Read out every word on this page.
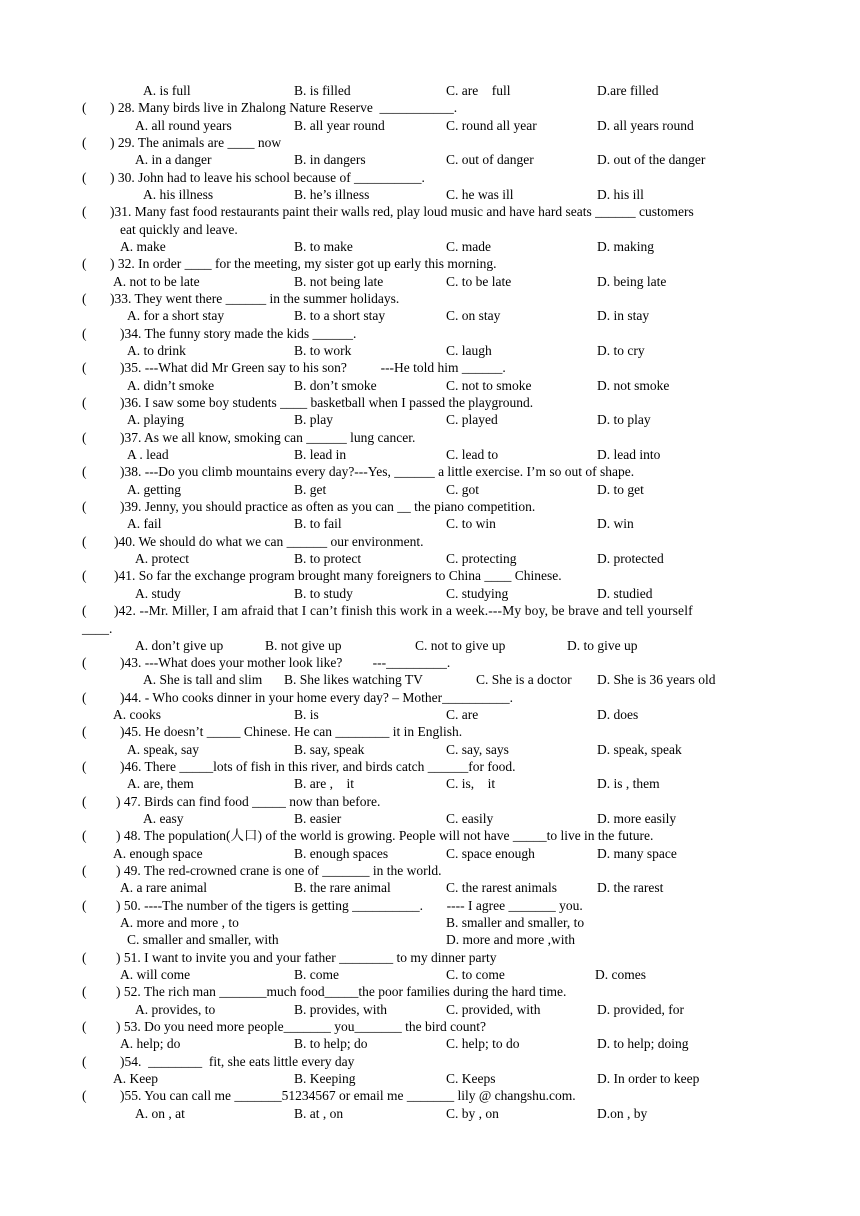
A. is full	B. is filled	C. are    full	D.are filled
( ) 28. Many birds live in Zhalong Nature Reserve  ___________.
A. all round years	B. all year round	C. round all year	D. all years round
( ) 29. The animals are ____ now
A. in a danger	B. in dangers	C. out of danger	D. out of the danger
( ) 30. John had to leave his school because of __________.
A. his illness	B. he’s illness	C. he was ill	D. his ill
( )31. Many fast food restaurants paint their walls red, play loud music and have hard seats ______ customers
eat quickly and leave.
A. make	B. to make	C. made	D. making
( ) 32. In order ____ for the meeting, my sister got up early this morning.
A. not to be late	B. not being late	C. to be late	D. being late
( )33. They went there ______ in the summer holidays.
A. for a short stay	B. to a short stay	C. on stay	D. in stay
( )34. The funny story made the kids ______.
A. to drink	B. to work	C. laugh	D. to cry
( )35. ---What did Mr Green say to his son?          ---He told him ______.
A. didn’t smoke	B. don’t smoke	C. not to smoke	D. not smoke
( )36. I saw some boy students ____ basketball when I passed the playground.
A. playing	B. play	C. played	D. to play
( )37. As we all know, smoking can ______ lung cancer.
A . lead	B. lead in	C. lead to	D. lead into
( )38. ---Do you climb mountains every day?---Yes, ______ a little exercise. I’m so out of shape.
A. getting	B. get	C. got	D. to get
( )39. Jenny, you should practice as often as you can __ the piano competition.
A. fail	B. to fail	C. to win	D. win
( )40. We should do what we can ______ our environment.
A. protect	B. to protect	C. protecting	D. protected
( )41. So far the exchange program brought many foreigners to China ____ Chinese.
A. study	B. to study	C. studying	D. studied
( )42. --Mr. Miller, I am afraid that I can’t finish this work in a week.---My boy, be brave and tell yourself
____.
A. don’t give up	B. not give up	C. not to give up	D. to give up
( )43. ---What does your mother look like?         ---_________.
A. She is tall and slim B. She likes watching TV	C. She is a doctor D. She is 36 years old
( )44. - Who cooks dinner in your home every day? – Mother__________.
A. cooks	B. is	C. are	D. does
( )45. He doesn’t _____ Chinese. He can ________ it in English.
A. speak, say	B. say, speak	C. say, says	D. speak, speak
( )46. There _____lots of fish in this river, and birds catch ______for food.
A. are, them	B. are ,    it	C. is,    it	D. is , them
( ) 47. Birds can find food _____ now than before.
A. easy	B. easier	C. easily	D. more easily
( ) 48. The population(人口) of the world is growing. People will not have _____to live in the future.
A. enough space	B. enough spaces	C. space enough	D. many space
( ) 49. The red-crowned crane is one of _______ in the world.
A. a rare animal	B. the rare animal	C. the rarest animals	D. the rarest
( ) 50. ----The number of the tigers is getting __________.       ---- I agree _______ you.
A. more and more , to	B. smaller and smaller, to
C. smaller and smaller, with	D. more and more ,with
( ) 51. I want to invite you and your father ________ to my dinner party
A. will come	B. come	C. to come	D. comes
( ) 52. The rich man _______much food_____the poor families during the hard time.
A. provides, to	B. provides, with	C. provided, with	D. provided, for
( ) 53. Do you need more people_______ you_______ the bird count?
A. help; do	B. to help; do	C. help; to do	D. to help; doing
( )54.  ________  fit, she eats little every day
A. Keep	B. Keeping	C. Keeps	D. In order to keep
( )55. You can call me _______51234567 or email me _______ lily @ changshu.com.
A. on , at	B. at , on	C. by , on	D.on , by
